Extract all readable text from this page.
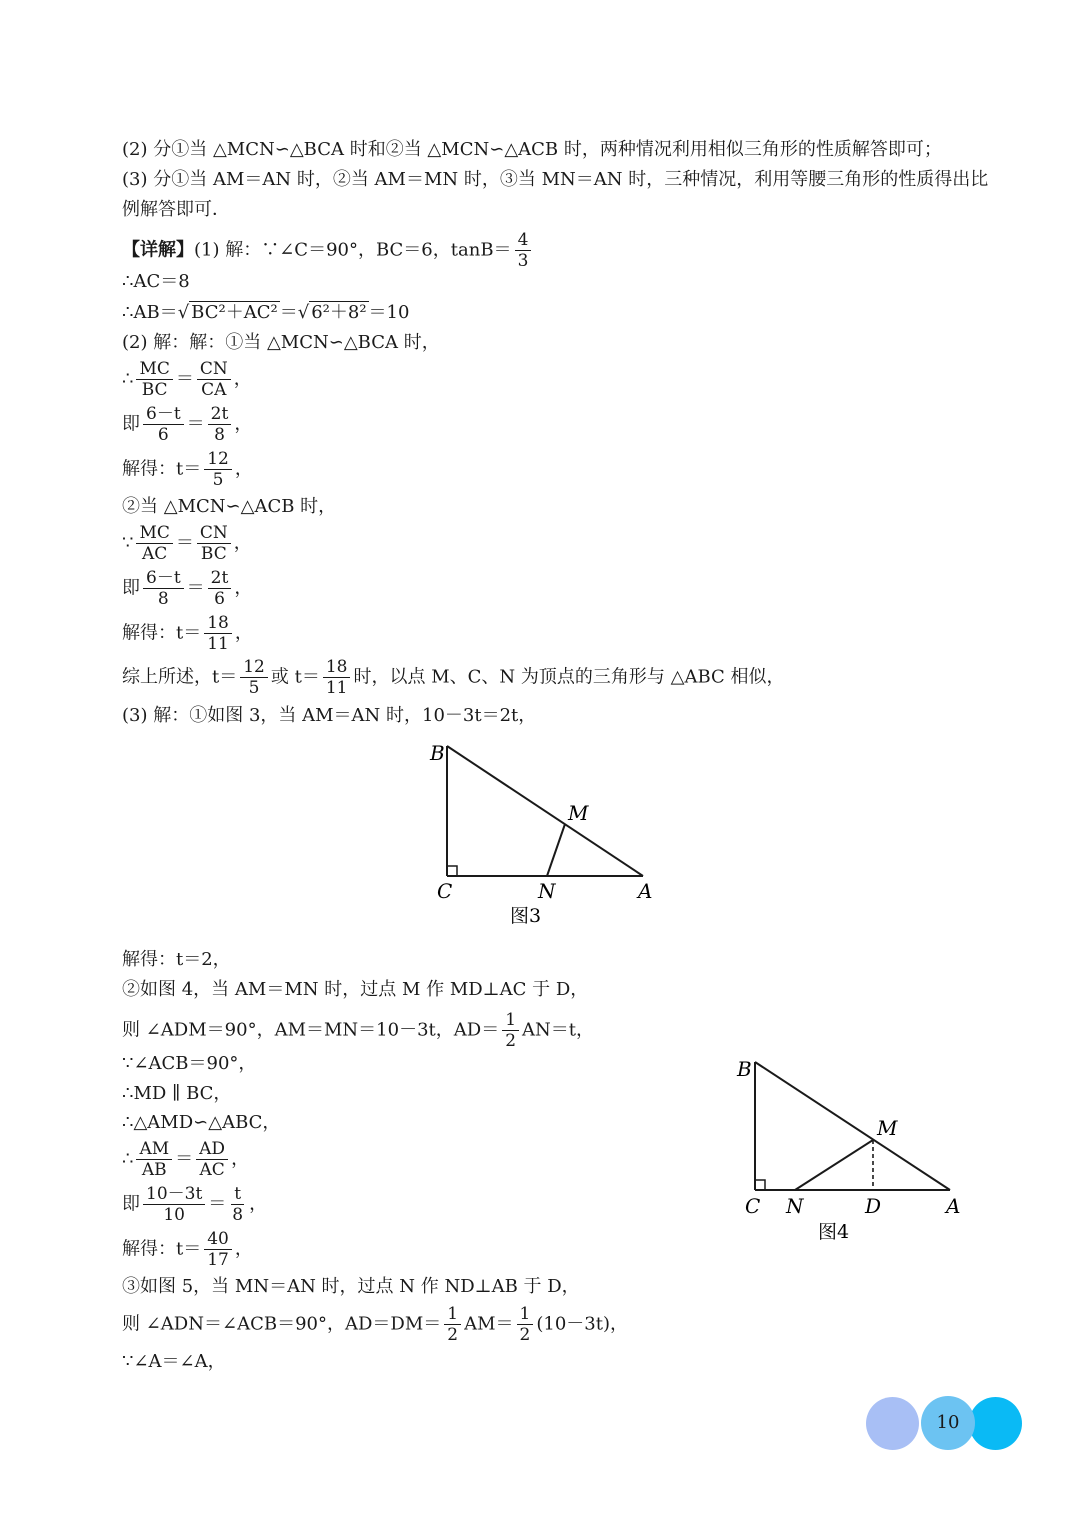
(2) 分①当 △MCN∽△BCA 时和②当 △MCN∽△ACB 时，两种情况利用相似三角形的性质解答即可；
(3) 分①当 AM＝AN 时，②当 AM＝MN 时，③当 MN＝AN 时，三种情况，利用等腰三角形的性质得出比
例解答即可．
【详解】(1) 解：∵∠C＝90°，BC＝6，$\tan B= \frac{4}{3}$
∴AC＝8
∴AB＝√ BC²＋AC² ＝√ 6²＋8² ＝10
(2) 解：解：①当 △MCN∽△BCA 时，
∴ $\frac{MC}{BC} = \frac{CN}{CA}$ ，
即 $\frac{6-t}{6} = \frac{2t}{8}$ ，
解得：$t= \frac{12}{5}$ ，
②当 △MCN∽△ACB 时，
∵ $\frac{MC}{AC} = \frac{CN}{BC}$ ，
即 $\frac{6-t}{8} = \frac{2t}{6}$ ，
解得：$t= \frac{18}{11}$ ，
综上所述，$t= \frac{12}{5}$ 或 $t= \frac{18}{11}$ 时，以点 M、C、N 为顶点的三角形与 △ABC 相似，
(3) 解：①如图 3，当 AM＝AN 时，10－3t＝2t，
B
C	N	A
M
图3
解得：t＝2，
②如图 4，当 AM＝MN 时，过点 M 作 MD⊥AC 于 D，
则 ∠ADM＝90°，AM＝MN＝10－3t，$AD= \frac{1}{2} AN=t$，
∵∠ACB＝90°，
∴MD ∥ BC，
∴△AMD∽△ABC，
∴ $\frac{AM}{AB} = \frac{AD}{AC}$ ，
即 $\frac{10-3t}{10} = \frac{t}{8}$ ，
解得：$t= \frac{40}{17}$ ，
③如图 5，当 MN＝AN 时，过点 N 作 ND⊥AB 于 D，
则 ∠ADN＝∠ACB＝90°，$AD=DM= \frac{1}{2} AM= \frac{1}{2} (10-3t)$，
∵∠A＝∠A，
B
C N	D	A
M
图4
10
